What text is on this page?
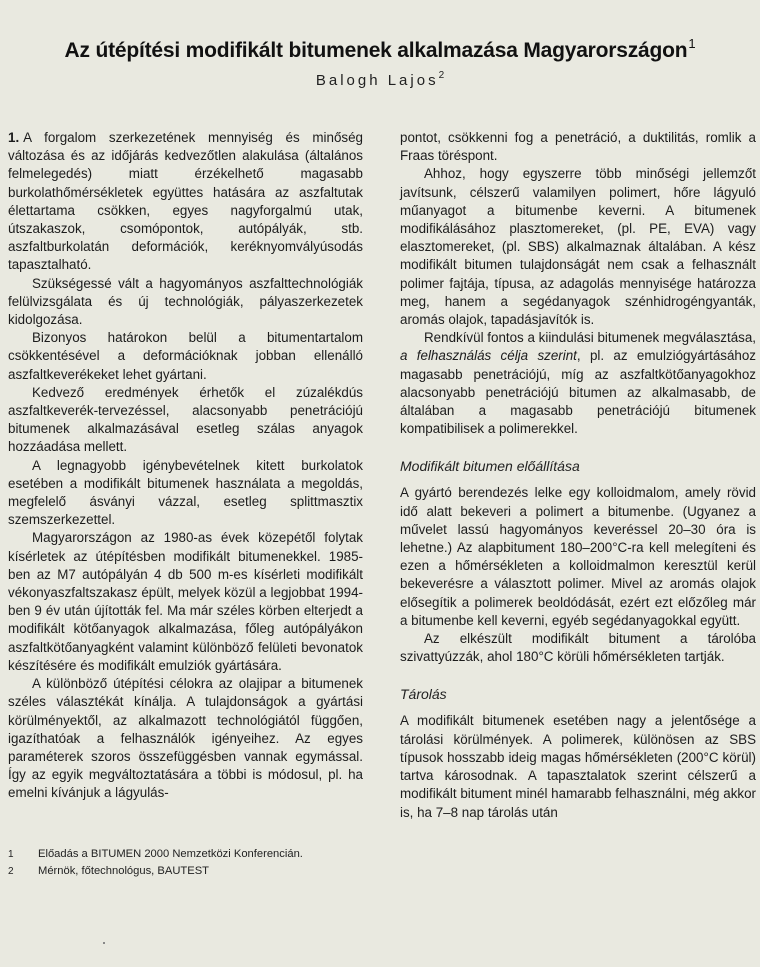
Az útépítési modifikált bitumenek alkalmazása Magyarországon$^1$
Balogh Lajos$^2$

1. A forgalom szerkezetének mennyiség és minőség változása és az időjárás kedvezőtlen alakulása (általános felmelegedés) miatt érzékelhető magasabb burkolathőmérsékletek együttes hatására az aszfaltutak élettartama csökken, egyes nagyforgalmú utak, útszakaszok, csomópontok, autópályák, stb. aszfaltburkolatán deformációk, keréknyomvályúsodás tapasztalható.

Szükségessé vált a hagyományos aszfalttechnológiák felülvizsgálata és új technológiák, pályaszerkezetek kidolgozása.

Bizonyos határokon belül a bitumentartalom csökkentésével a deformációknak jobban ellenálló aszfaltkeverékeket lehet gyártani.

Kedvező eredmények érhetők el zúzalékdús aszfaltkeverék-tervezéssel, alacsonyabb penetrációjú bitumenek alkalmazásával esetleg szálas anyagok hozzáadása mellett.

A legnagyobb igénybevételnek kitett burkolatok esetében a modifikált bitumenek használata a megoldás, megfelelő ásványi vázzal, esetleg splittmasztix szemszerkezettel.

Magyarországon az 1980-as évek közepétől folytak kísérletek az útépítésben modifikált bitumenekkel. 1985-ben az M7 autópályán 4 db 500 m-es kísérleti modifikált vékonyaszfaltszakasz épült, melyek közül a legjobbat 1994-ben 9 év után újították fel. Ma már széles körben elterjedt a modifikált kötőanyagok alkalmazása, főleg autópályákon aszfaltkötőanyagként valamint különböző felületi bevonatok készítésére és modifikált emulziók gyártására.

A különböző útépítési célokra az olajipar a bitumenek széles választékát kínálja. A tulajdonságok a gyártási körülményektől, az alkalmazott technológiától függően, igazíthatóak a felhasználók igényeihez. Az egyes paraméterek szoros összefüggésben vannak egymással. Így az egyik megváltoztatására a többi is módosul, pl. ha emelni kívánjuk a lágyulás-

pontot, csökkenni fog a penetráció, a duktilitás, romlik a Fraas töréspont.

Ahhoz, hogy egyszerre több minőségi jellemzőt javítsunk, célszerű valamilyen polimert, hőre lágyuló műanyagot a bitumenbe keverni. A bitumenek modifikálásához plasztomereket, (pl. PE, EVA) vagy elasztomereket, (pl. SBS) alkalmaznak általában. A kész modifikált bitumen tulajdonságát nem csak a felhasznált polimer fajtája, típusa, az adagolás mennyisége határozza meg, hanem a segédanyagok szénhidrogéngyanták, aromás olajok, tapadásjavítók is.

Rendkívül fontos a kiindulási bitumenek megválasztása, a felhasználás célja szerint, pl. az emulziógyártásához magasabb penetrációjú, míg az aszfaltkötőanyagokhoz alacsonyabb penetrációjú bitumen az alkalmasabb, de általában a magasabb penetrációjú bitumenek kompatibilisek a polimerekkel.

Modifikált bitumen előállítása

A gyártó berendezés lelke egy kolloidmalom, amely rövid idő alatt bekeveri a polimert a bitumenbe. (Ugyanez a művelet lassú hagyományos keveréssel 20–30 óra is lehetne.) Az alapbitument 180–200°C-ra kell melegíteni és ezen a hőmérsékleten a kolloidmalmon keresztül kerül bekeverésre a választott polimer. Mivel az aromás olajok elősegítik a polimerek beoldódását, ezért ezt előzőleg már a bitumenbe kell keverni, egyéb segédanyagokkal együtt.

Az elkészült modifikált bitument a tárolóba szivattyúzzák, ahol 180°C körüli hőmérsékleten tartják.

Tárolás

A modifikált bitumenek esetében nagy a jelentősége a tárolási körülmények. A polimerek, különösen az SBS típusok hosszabb ideig magas hőmérsékleten (200°C körül) tartva károsodnak. A tapasztalatok szerint célszerű a modifikált bitument minél hamarabb felhasználni, még akkor is, ha 7–8 nap tárolás után

1	Előadás a BITUMEN 2000 Nemzetközi Konferencián.
2	Mérnök, főtechnológus, BAUTEST
